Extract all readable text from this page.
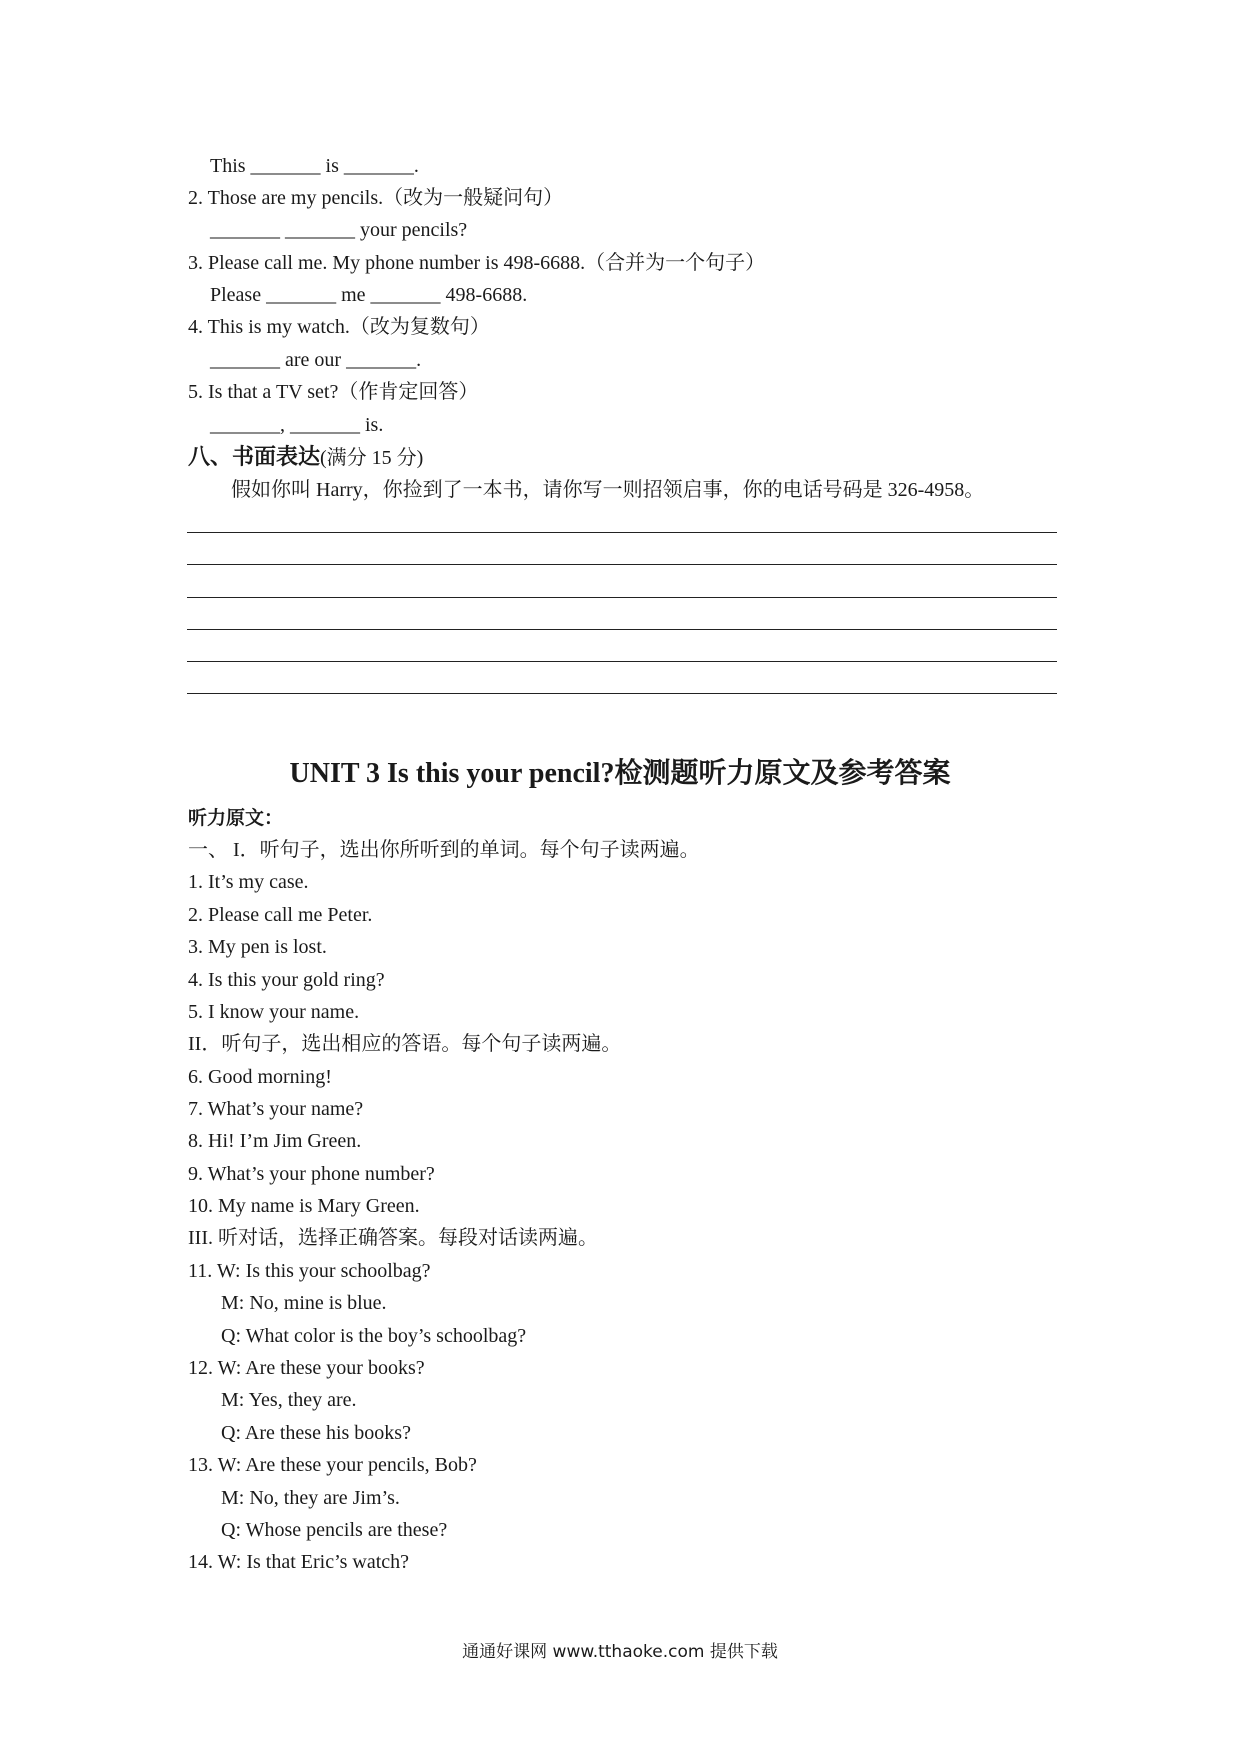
This _______ is _______.
2. Those are my pencils.（改为一般疑问句）
_______ _______ your pencils?
3. Please call me. My phone number is 498-6688.（合并为一个句子）
Please _______ me _______ 498-6688.
4. This is my watch.（改为复数句）
_______ are our _______.
5. Is that a TV set?（作肯定回答）
_______, _______ is.
八、书面表达(满分 15 分)
假如你叫 Harry，你捡到了一本书，请你写一则招领启事，你的电话号码是 326-4958。
UNIT 3 Is this your pencil?检测题听力原文及参考答案
听力原文：
一、 I．听句子，选出你所听到的单词。每个句子读两遍。
1. It’s my case.
2. Please call me Peter.
3. My pen is lost.
4. Is this your gold ring?
5. I know your name.
II．听句子，选出相应的答语。每个句子读两遍。
6. Good morning!
7. What’s your name?
8. Hi! I’m Jim Green.
9. What’s your phone number?
10. My name is Mary Green.
III. 听对话，选择正确答案。每段对话读两遍。
11. W: Is this your schoolbag?
M: No, mine is blue.
Q: What color is the boy’s schoolbag?
12. W: Are these your books?
M: Yes, they are.
Q: Are these his books?
13. W: Are these your pencils, Bob?
M: No, they are Jim’s.
Q: Whose pencils are these?
14. W: Is that Eric’s watch?
通通好课网 www.tthaoke.com 提供下载
